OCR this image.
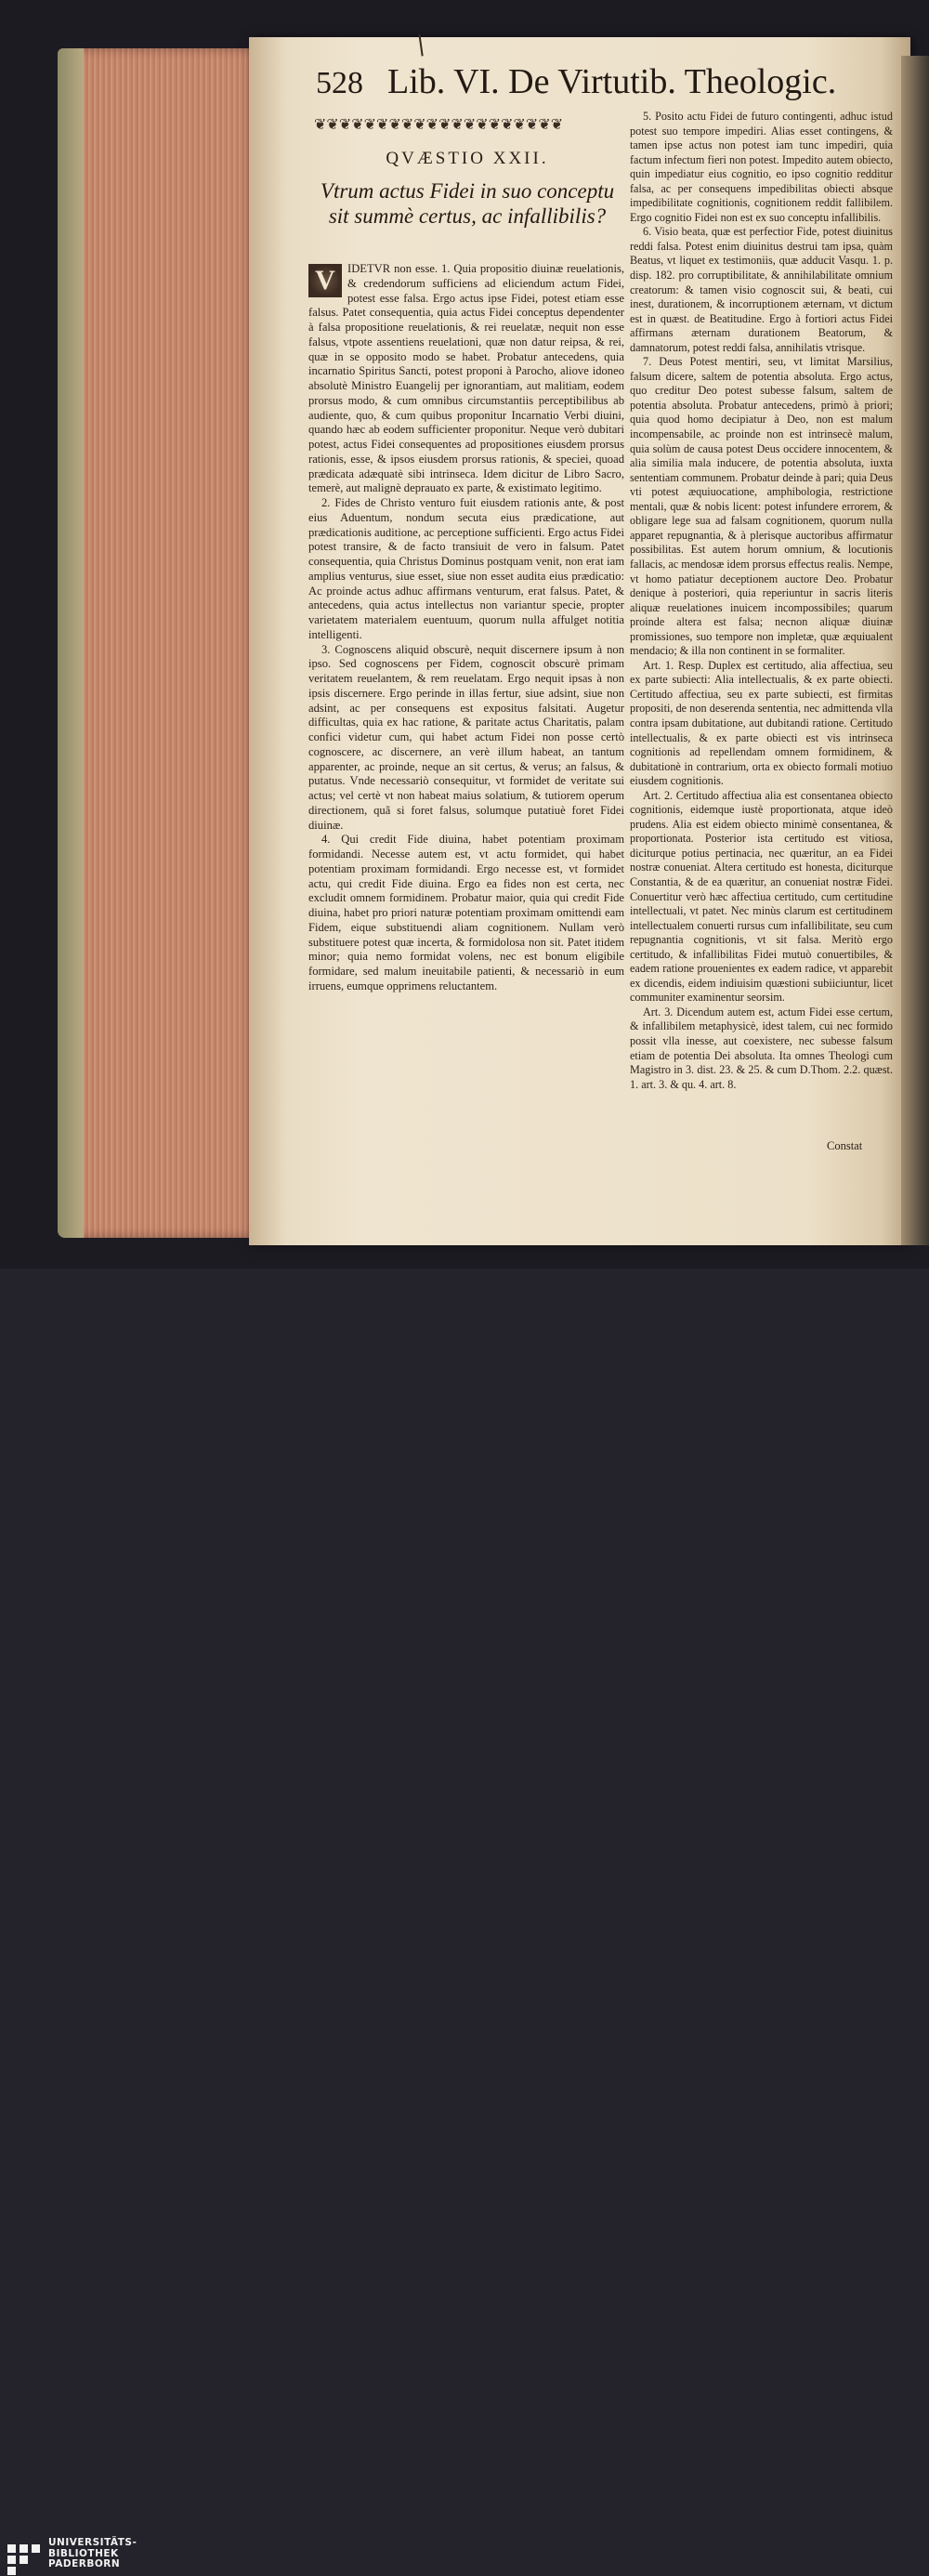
528 Lib. VI. De Virtutib. Theologic.
❦❦❦❦❦❦❦❦❦❦❦❦❦❦❦❦❦❦❦❦
QVÆSTIO XXII.
Vtrum actus Fidei in suo conceptu sit summè certus, ac infallibilis?

V	IDETVR non esse. 1. Quia propositio diuinæ reuelationis, & credendorum sufficiens ad eliciendum actum Fidei, potest esse falsa. Ergo actus ipse Fidei, potest etiam esse falsus. Patet consequentia, quia actus Fidei conceptus dependenter à falsa propositione reuelationis, & rei reuelatæ, nequit non esse falsus, vtpote assentiens reuelationi, quæ non datur reipsa, & rei, quæ in se opposito modo se habet. Probatur antecedens, quia incarnatio Spiritus Sancti, potest proponi à Parocho, aliove idoneo absolutè Ministro Euangelij per ignorantiam, aut malitiam, eodem prorsus modo, & cum omnibus circumstantiis perceptibilibus ab audiente, quo, & cum quibus proponitur Incarnatio Verbi diuini, quando hæc ab eodem sufficienter proponitur. Neque verò dubitari potest, actus Fidei consequentes ad propositiones eiusdem prorsus rationis, esse, & ipsos eiusdem prorsus rationis, & speciei, quoad prædicata adæquatè sibi intrinseca. Idem dicitur de Libro Sacro, temerè, aut malignè deprauato ex parte, & existimato legitimo.

2. Fides de Christo venturo fuit eiusdem rationis ante, & post eius Aduentum, nondum secuta eius prædicatione, aut prædicationis auditione, ac perceptione sufficienti. Ergo actus Fidei potest transire, & de facto transiuit de vero in falsum. Patet consequentia, quia Christus Dominus postquam venit, non erat iam amplius venturus, siue esset, siue non esset audita eius prædicatio: Ac proinde actus adhuc affirmans venturum, erat falsus. Patet, & antecedens, quia actus intellectus non variantur specie, propter varietatem materialem euentuum, quorum nulla affulget notitia intelligenti.

3. Cognoscens aliquid obscurè, nequit discernere ipsum à non ipso. Sed cognoscens per Fidem, cognoscit obscurè primam veritatem reuelantem, & rem reuelatam. Ergo nequit ipsas à non ipsis discernere. Ergo perinde in illas fertur, siue adsint, siue non adsint, ac per consequens est expositus falsitati. Augetur difficultas, quia ex hac ratione, & paritate actus Charitatis, palam confici videtur cum, qui habet actum Fidei non posse certò cognoscere, ac discernere, an verè illum habeat, an tantum apparenter, ac proinde, neque an sit certus, & verus; an falsus, & putatus. Vnde necessariò consequitur, vt formidet de veritate sui actus; vel certè vt non habeat maius solatium, & tutiorem operum directionem, quã si foret falsus, solumque putatiuè foret Fidei diuinæ.

4. Qui credit Fide diuina, habet potentiam proximam formidandi. Necesse autem est, vt actu formidet, qui habet potentiam proximam formidandi. Ergo necesse est, vt formidet actu, qui credit Fide diuina. Ergo ea fides non est certa, nec excludit omnem formidinem. Probatur maior, quia qui credit Fide diuina, habet pro priori naturæ potentiam proximam omittendi eam Fidem, eique substituendi aliam cognitionem. Nullam verò substituere potest quæ incerta, & formidolosa non sit. Patet itidem minor; quia nemo formidat volens, nec est bonum eligibile formidare, sed malum ineuitabile patienti, & necessariò in eum irruens, eumque opprimens reluctantem.

5. Posito actu Fidei de futuro contingenti, adhuc istud potest suo tempore impediri. Alias esset contingens, & tamen ipse actus non potest iam tunc impediri, quia factum infectum fieri non potest. Impedito autem obiecto, quin impediatur eius cognitio, eo ipso cognitio redditur falsa, ac per consequens impedibilitas obiecti absque impedibilitate cognitionis, cognitionem reddit fallibilem. Ergo cognitio Fidei non est ex suo conceptu infallibilis.

6. Visio beata, quæ est perfectior Fide, potest diuinitus reddi falsa. Potest enim diuinitus destrui tam ipsa, quàm Beatus, vt liquet ex testimoniis, quæ adducit Vasqu. 1. p. disp. 182. pro corruptibilitate, & annihilabilitate omnium creatorum: & tamen visio cognoscit sui, & beati, cui inest, durationem, & incorruptionem æternam, vt dictum est in quæst. de Beatitudine. Ergo à fortiori actus Fidei affirmans æternam durationem Beatorum, & damnatorum, potest reddi falsa, annihilatis vtrisque.

7. Deus Potest mentiri, seu, vt limitat Marsilius, falsum dicere, saltem de potentia absoluta. Ergo actus, quo creditur Deo potest subesse falsum, saltem de potentia absoluta. Probatur antecedens, primò à priori; quia quod homo decipiatur à Deo, non est malum incompensabile, ac proinde non est intrinsecè malum, quia solùm de causa potest Deus occidere innocentem, & alia similia mala inducere, de potentia absoluta, iuxta sententiam communem. Probatur deinde à pari; quia Deus vti potest æquiuocatione, amphibologia, restrictione mentali, quæ & nobis licent: potest infundere errorem, & obligare lege sua ad falsam cognitionem, quorum nulla apparet repugnantia, & à plerisque auctoribus affirmatur possibilitas. Est autem horum omnium, & locutionis fallacis, ac mendosæ idem prorsus effectus realis. Nempe, vt homo patiatur deceptionem auctore Deo. Probatur denique à posteriori, quia reperiuntur in sacris literis aliquæ reuelationes inuicem incompossibiles; quarum proinde altera est falsa; necnon aliquæ diuinæ promissiones, suo tempore non impletæ, quæ æquiualent mendacio; & illa non continent in se formaliter.

Art. 1. Resp. Duplex est certitudo, alia affectiua, seu ex parte subiecti: Alia intellectualis, & ex parte obiecti. Certitudo affectiua, seu ex parte subiecti, est firmitas propositi, de non deserenda sententia, nec admittenda vlla contra ipsam dubitatione, aut dubitandi ratione. Certitudo intellectualis, & ex parte obiecti est vis intrinseca cognitionis ad repellendam omnem formidinem, & dubitationè in contrarium, orta ex obiecto formali motiuo eiusdem cognitionis.

Art. 2. Certitudo affectiua alia est consentanea obiecto cognitionis, eidemque iustè proportionata, atque ideò prudens. Alia est eidem obiecto minimè consentanea, & proportionata. Posterior ista certitudo est vitiosa, diciturque potius pertinacia, nec quæritur, an ea Fidei nostræ conueniat. Altera certitudo est honesta, diciturque Constantia, & de ea quæritur, an conueniat nostræ Fidei. Conuertitur verò hæc affectiua certitudo, cum certitudine intellectuali, vt patet. Nec minùs clarum est certitudinem intellectualem conuerti rursus cum infallibilitate, seu cum repugnantia cognitionis, vt sit falsa. Meritò ergo certitudo, & infallibilitas Fidei mutuò conuertibiles, & eadem ratione prouenientes ex eadem radice, vt apparebit ex dicendis, eidem indiuisim quæstioni subiiciuntur, licet communiter examinentur seorsim.

Art. 3. Dicendum autem est, actum Fidei esse certum, & infallibilem metaphysicè, idest talem, cui nec formido possit vlla inesse, aut coexistere, nec subesse falsum etiam de potentia Dei absoluta. Ita omnes Theologi cum Magistro in 3. dist. 23. & 25. & cum D.Thom. 2.2. quæst. 1. art. 3. & qu. 4. art. 8.

Constat
UNIVERSITÄTS-
BIBLIOTHEK
PADERBORN
